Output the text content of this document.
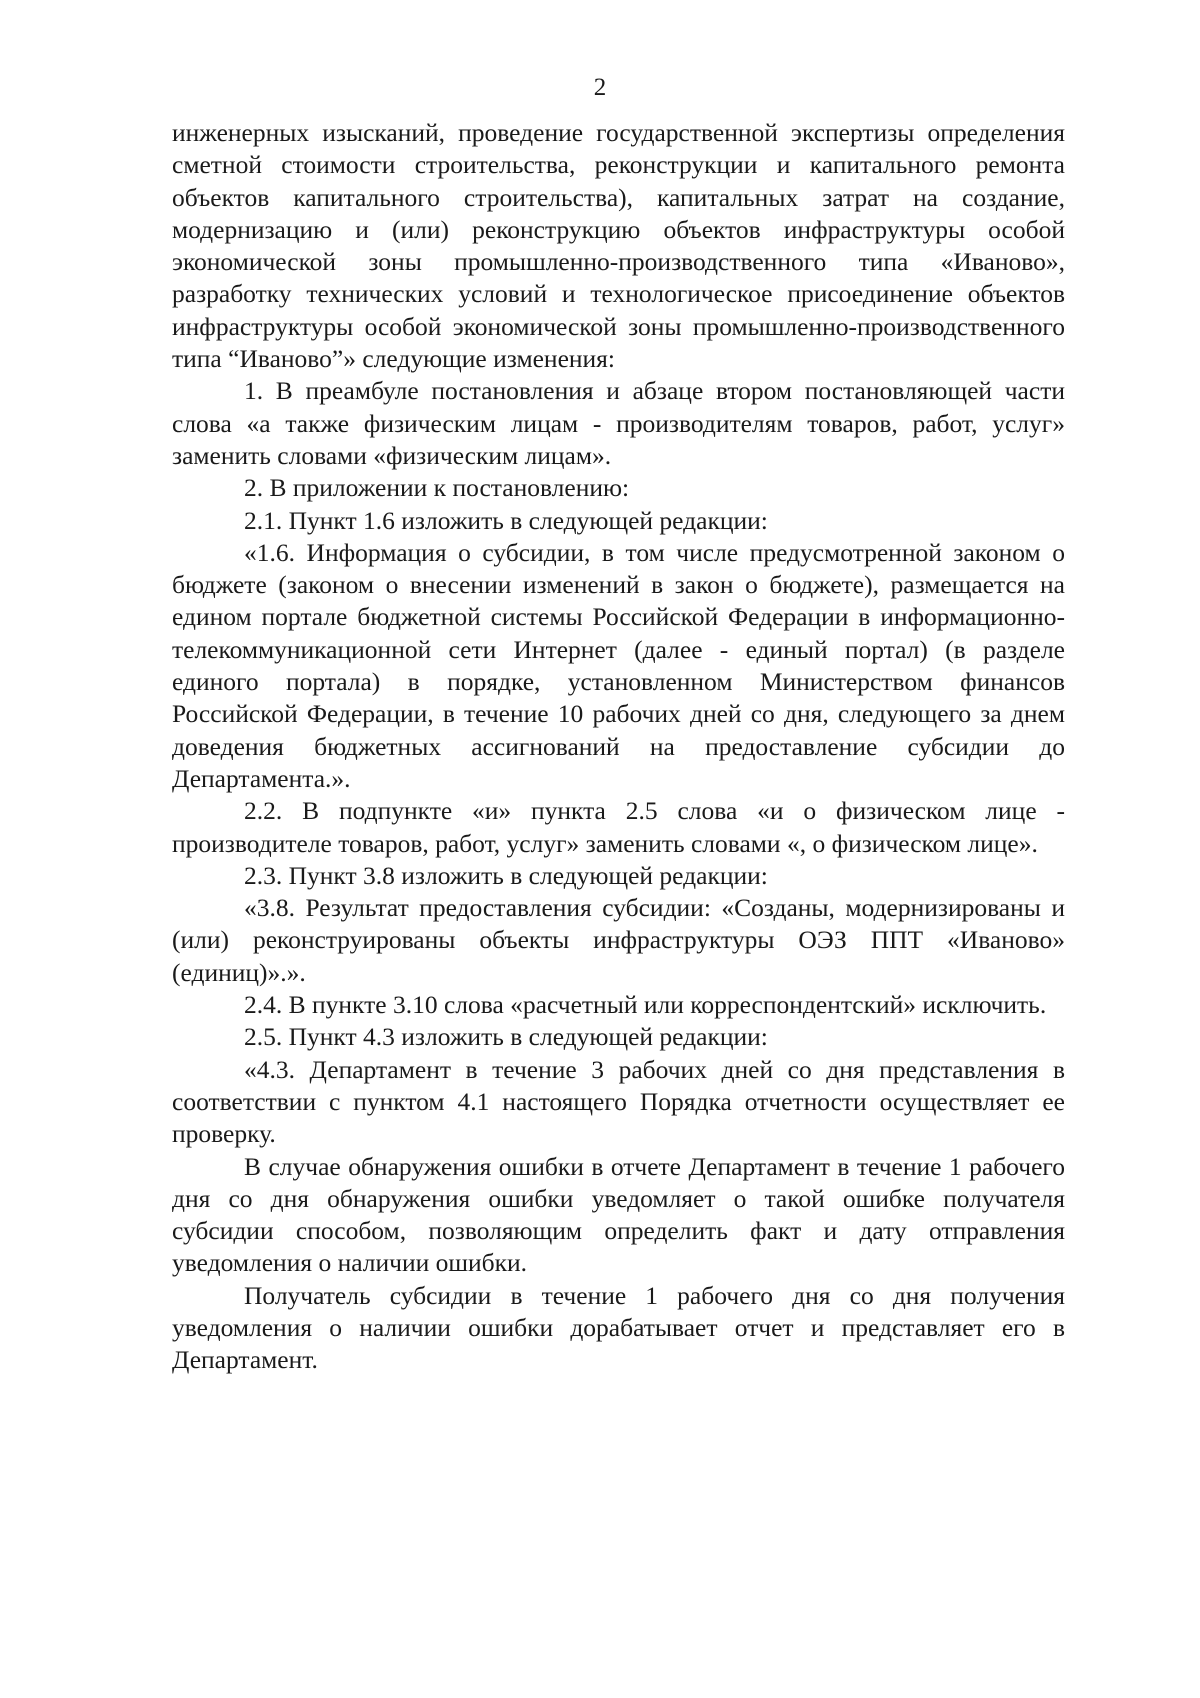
2

инженерных изысканий, проведение государственной экспертизы определения сметной стоимости строительства, реконструкции и капитального ремонта объектов капитального строительства), капитальных затрат на создание, модернизацию и (или) реконструкцию объектов инфраструктуры особой экономической зоны промышленно-производственного типа «Иваново», разработку технических условий и технологическое присоединение объектов инфраструктуры особой экономической зоны промышленно-производственного типа “Иваново”» следующие изменения:

1. В преамбуле постановления и абзаце втором постановляющей части слова «а также физическим лицам - производителям товаров, работ, услуг» заменить словами «физическим лицам».

2. В приложении к постановлению:

2.1. Пункт 1.6 изложить в следующей редакции:

«1.6. Информация о субсидии, в том числе предусмотренной законом о бюджете (законом о внесении изменений в закон о бюджете), размещается на едином портале бюджетной системы Российской Федерации в информационно-телекоммуникационной сети Интернет (далее - единый портал) (в разделе единого портала) в порядке, установленном Министерством финансов Российской Федерации, в течение 10 рабочих дней со дня, следующего за днем доведения бюджетных ассигнований на предоставление субсидии до Департамента.».

2.2. В подпункте «и» пункта 2.5 слова «и о физическом лице - производителе товаров, работ, услуг» заменить словами «, о физическом лице».

2.3. Пункт 3.8 изложить в следующей редакции:

«3.8. Результат предоставления субсидии: «Созданы, модернизированы и (или) реконструированы объекты инфраструктуры ОЭЗ ППТ «Иваново» (единиц)».».

2.4. В пункте 3.10 слова «расчетный или корреспондентский» исключить.

2.5. Пункт 4.3 изложить в следующей редакции:

«4.3. Департамент в течение 3 рабочих дней со дня представления в соответствии с пунктом 4.1 настоящего Порядка отчетности осуществляет ее проверку.

В случае обнаружения ошибки в отчете Департамент в течение 1 рабочего дня со дня обнаружения ошибки уведомляет о такой ошибке получателя субсидии способом, позволяющим определить факт и дату отправления уведомления о наличии ошибки.

Получатель субсидии в течение 1 рабочего дня со дня получения уведомления о наличии ошибки дорабатывает отчет и представляет его в Департамент.
